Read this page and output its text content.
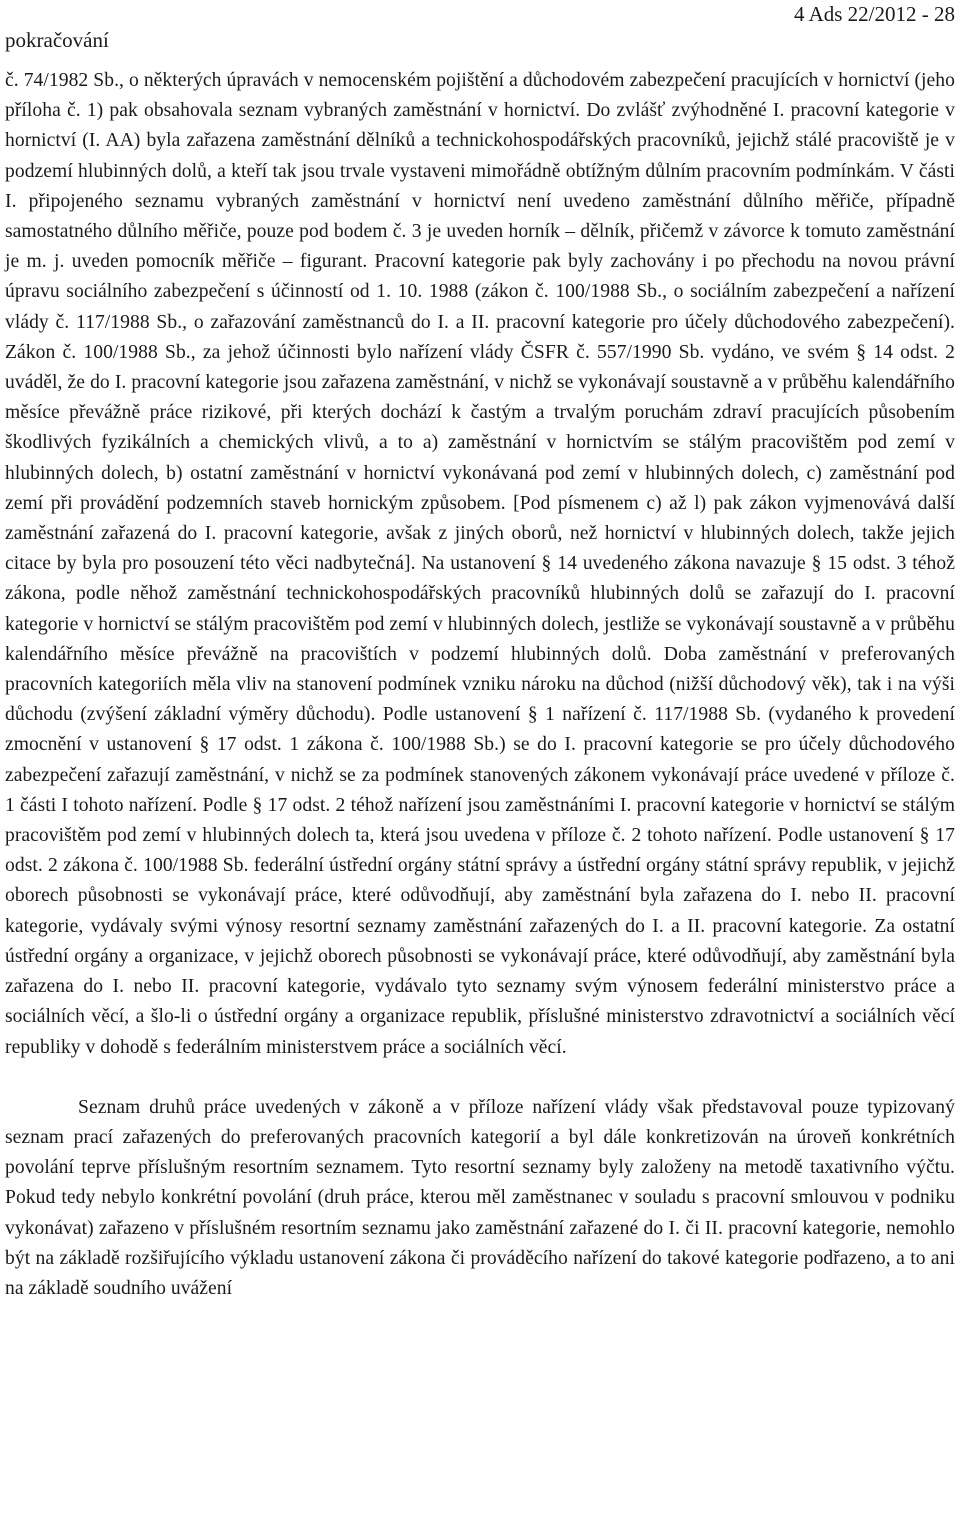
pokračování
4 Ads 22/2012 - 28

č. 74/1982 Sb., o některých úpravách v nemocenském pojištění a důchodovém zabezpečení pracujících v hornictví (jeho příloha č. 1) pak obsahovala seznam vybraných zaměstnání v hornictví. Do zvlášť zvýhodněné I. pracovní kategorie v hornictví (I. AA) byla zařazena zaměstnání dělníků a technickohospodářských pracovníků, jejichž stálé pracoviště je v podzemí hlubinných dolů, a kteří tak jsou trvale vystaveni mimořádně obtížným důlním pracovním podmínkám. V části I. připojeného seznamu vybraných zaměstnání v hornictví není uvedeno zaměstnání důlního měřiče, případně samostatného důlního měřiče, pouze pod bodem č. 3 je uveden horník – dělník, přičemž v závorce k tomuto zaměstnání je m. j. uveden pomocník měřiče – figurant. Pracovní kategorie pak byly zachovány i po přechodu na novou právní úpravu sociálního zabezpečení s účinností od 1. 10. 1988 (zákon č. 100/1988 Sb., o sociálním zabezpečení a nařízení vlády č. 117/1988 Sb., o zařazování zaměstnanců do I. a II. pracovní kategorie pro účely důchodového zabezpečení). Zákon č. 100/1988 Sb., za jehož účinnosti bylo nařízení vlády ČSFR č. 557/1990 Sb. vydáno, ve svém § 14 odst. 2 uváděl, že do I. pracovní kategorie jsou zařazena zaměstnání, v nichž se vykonávají soustavně a v průběhu kalendářního měsíce převážně práce rizikové, při kterých dochází k častým a trvalým poruchám zdraví pracujících působením škodlivých fyzikálních a chemických vlivů, a to a) zaměstnání v hornictvím se stálým pracovištěm pod zemí v hlubinných dolech, b) ostatní zaměstnání v hornictví vykonávaná pod zemí v hlubinných dolech, c) zaměstnání pod zemí při provádění podzemních staveb hornickým způsobem. [Pod písmenem c) až l) pak zákon vyjmenovává další zaměstnání zařazená do I. pracovní kategorie, avšak z jiných oborů, než hornictví v hlubinných dolech, takže jejich citace by byla pro posouzení této věci nadbytečná]. Na ustanovení § 14 uvedeného zákona navazuje § 15 odst. 3 téhož zákona, podle něhož zaměstnání technickohospodářských pracovníků hlubinných dolů se zařazují do I. pracovní kategorie v hornictví se stálým pracovištěm pod zemí v hlubinných dolech, jestliže se vykonávají soustavně a v průběhu kalendářního měsíce převážně na pracovištích v podzemí hlubinných dolů. Doba zaměstnání v preferovaných pracovních kategoriích měla vliv na stanovení podmínek vzniku nároku na důchod (nižší důchodový věk), tak i na výši důchodu (zvýšení základní výměry důchodu). Podle ustanovení § 1 nařízení č. 117/1988 Sb. (vydaného k provedení zmocnění v ustanovení § 17 odst. 1 zákona č. 100/1988 Sb.) se do I. pracovní kategorie se pro účely důchodového zabezpečení zařazují zaměstnání, v nichž se za podmínek stanovených zákonem vykonávají práce uvedené v příloze č. 1 části I tohoto nařízení. Podle § 17 odst. 2 téhož nařízení jsou zaměstnáními I. pracovní kategorie v hornictví se stálým pracovištěm pod zemí v hlubinných dolech ta, která jsou uvedena v příloze č. 2 tohoto nařízení. Podle ustanovení § 17 odst. 2 zákona č. 100/1988 Sb. federální ústřední orgány státní správy a ústřední orgány státní správy republik, v jejichž oborech působnosti se vykonávají práce, které odůvodňují, aby zaměstnání byla zařazena do I. nebo II. pracovní kategorie, vydávaly svými výnosy resortní seznamy zaměstnání zařazených do I. a II. pracovní kategorie. Za ostatní ústřední orgány a organizace, v jejichž oborech působnosti se vykonávají práce, které odůvodňují, aby zaměstnání byla zařazena do I. nebo II. pracovní kategorie, vydávalo tyto seznamy svým výnosem federální ministerstvo práce a sociálních věcí, a šlo-li o ústřední orgány a organizace republik, příslušné ministerstvo zdravotnictví a sociálních věcí republiky v dohodě s federálním ministerstvem práce a sociálních věcí.

Seznam druhů práce uvedených v zákoně a v příloze nařízení vlády však představoval pouze typizovaný seznam prací zařazených do preferovaných pracovních kategorií a byl dále konkretizován na úroveň konkrétních povolání teprve příslušným resortním seznamem. Tyto resortní seznamy byly založeny na metodě taxativního výčtu. Pokud tedy nebylo konkrétní povolání (druh práce, kterou měl zaměstnanec v souladu s pracovní smlouvou v podniku vykonávat) zařazeno v příslušném resortním seznamu jako zaměstnání zařazené do I. či II. pracovní kategorie, nemohlo být na základě rozšiřujícího výkladu ustanovení zákona či prováděcího nařízení do takové kategorie podřazeno, a to ani na základě soudního uvážení
